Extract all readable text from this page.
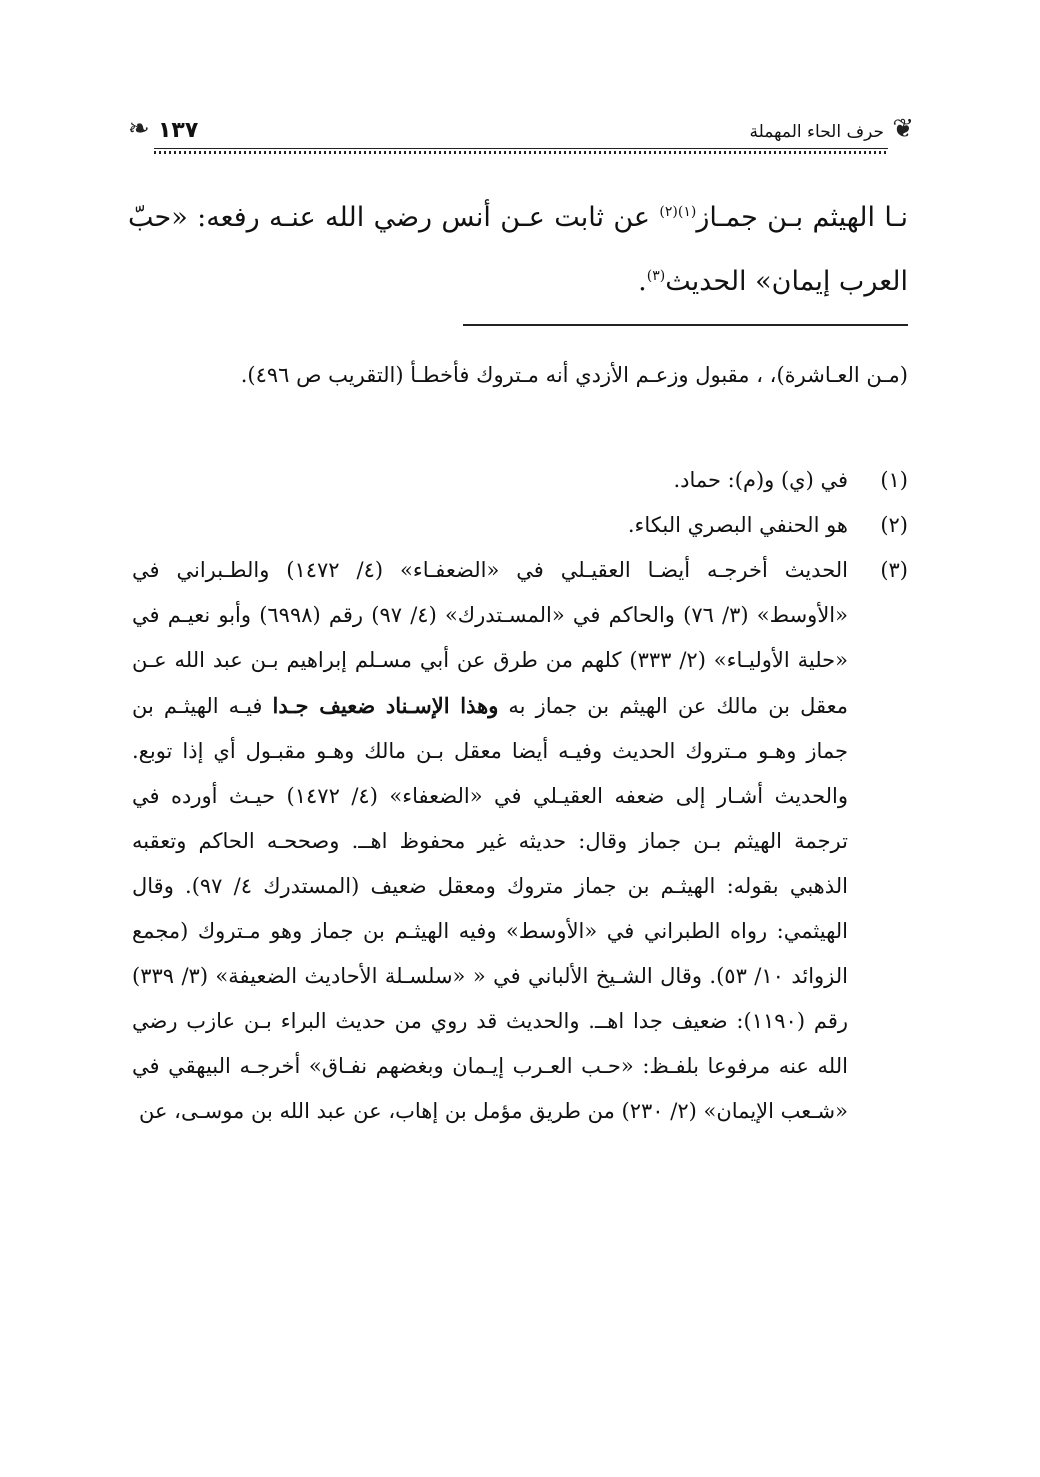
❦
حرف الحاء المهملة
١٣٧
❧
نـا الهيثم بـن جمـاز$^{(١)(٢)}$ عن ثابت عـن أنس رضي الله عنـه رفعه: «حبّ العرب إيمان» الحديث$^{(٣)}$.
(مـن العـاشرة)، ، مقبول وزعـم الأزدي أنه مـتروك فأخطـأ (التقريب ص ٤٩٦).
(١)
في (ي) و(م): حماد.
(٢)
هو الحنفي البصري البكاء.
(٣)
الحديث أخرجـه أيضـا العقيـلي في «الضعفـاء» (٤/ ١٤٧٢) والطـبراني في «الأوسط» (٣/ ٧٦) والحاكم في «المسـتدرك» (٤/ ٩٧) رقم (٦٩٩٨) وأبو نعيـم في «حلية الأوليـاء» (٢/ ٣٣٣) كلهم من طرق عن أبي مسـلم إبراهيم بـن عبد الله عـن معقل بن مالك عن الهيثم بن جماز به وهذا الإسـناد ضعيف جـدا فيـه الهيثـم بن جماز وهـو مـتروك الحديث وفيـه أيضا معقل بـن مالك وهـو مقبـول أي إذا توبع. والحديث أشـار إلى ضعفه العقيـلي في «الضعفاء» (٤/ ١٤٧٢) حيـث أورده في ترجمة الهيثم بـن جماز وقال: حديثه غير محفوظ اهــ. وصححـه الحاكم وتعقبه الذهبي بقوله: الهيثـم بن جماز متروك ومعقل ضعيف (المستدرك ٤/ ٩٧). وقال الهيثمي: رواه الطبراني في «الأوسط» وفيه الهيثـم بن جماز وهو مـتروك (مجمع الزوائد ١٠/ ٥٣). وقال الشـيخ الألباني في « «سلسـلة الأحاديث الضعيفة» (٣/ ٣٣٩) رقم (١١٩٠): ضعيف جدا اهــ. والحديث قد روي من حديث البراء بـن عازب رضي الله عنه مرفوعا بلفـظ: «حـب العـرب إيـمان وبغضهم نفـاق» أخرجـه البيهقي في «شـعب الإيمان» (٢/ ٢٣٠) من طريق مؤمل بن إهاب، عن عبد الله بن موسـى، عن
